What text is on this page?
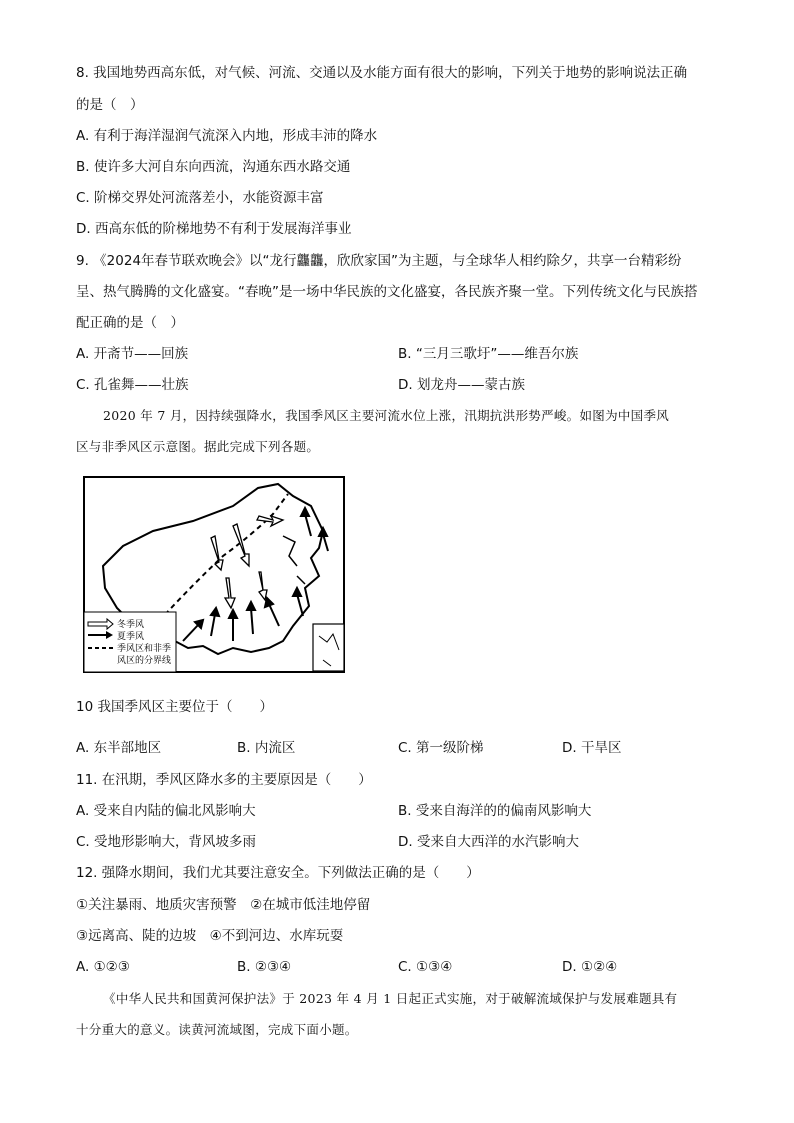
8. 我国地势西高东低，对气候、河流、交通以及水能方面有很大的影响，下列关于地势的影响说法正确
的是（　）
A. 有利于海洋湿润气流深入内地，形成丰沛的降水
B. 使许多大河自东向西流，沟通东西水路交通
C. 阶梯交界处河流落差小，水能资源丰富
D. 西高东低的阶梯地势不有利于发展海洋事业
9. 《2024年春节联欢晚会》以“龙行龘龘，欣欣家国”为主题，与全球华人相约除夕，共享一台精彩纷
呈、热气腾腾的文化盛宴。“春晚”是一场中华民族的文化盛宴，各民族齐聚一堂。下列传统文化与民族搭
配正确的是（　）
A. 开斋节——回族	B. “三月三歌圩”——维吾尔族
C. 孔雀舞——壮族	D. 划龙舟——蒙古族
2020 年 7 月，因持续强降水，我国季风区主要河流水位上涨，汛期抗洪形势严峻。如图为中国季风
区与非季风区示意图。据此完成下列各题。
冬季风
夏季风
季风区和非季
风区的分界线
10 我国季风区主要位于（　　）
A. 东半部地区	B. 内流区	C. 第一级阶梯	D. 干旱区
11. 在汛期，季风区降水多的主要原因是（　　）
A. 受来自内陆的偏北风影响大	B. 受来自海洋的的偏南风影响大
C. 受地形影响大，背风坡多雨	D. 受来自大西洋的水汽影响大
12. 强降水期间，我们尤其要注意安全。下列做法正确的是（　　）
①关注暴雨、地质灾害预警　②在城市低洼地停留
③远离高、陡的边坡　④不到河边、水库玩耍
A. ①②③	B. ②③④	C. ①③④	D. ①②④
《中华人民共和国黄河保护法》于 2023 年 4 月 1 日起正式实施，对于破解流域保护与发展难题具有
十分重大的意义。读黄河流域图，完成下面小题。
